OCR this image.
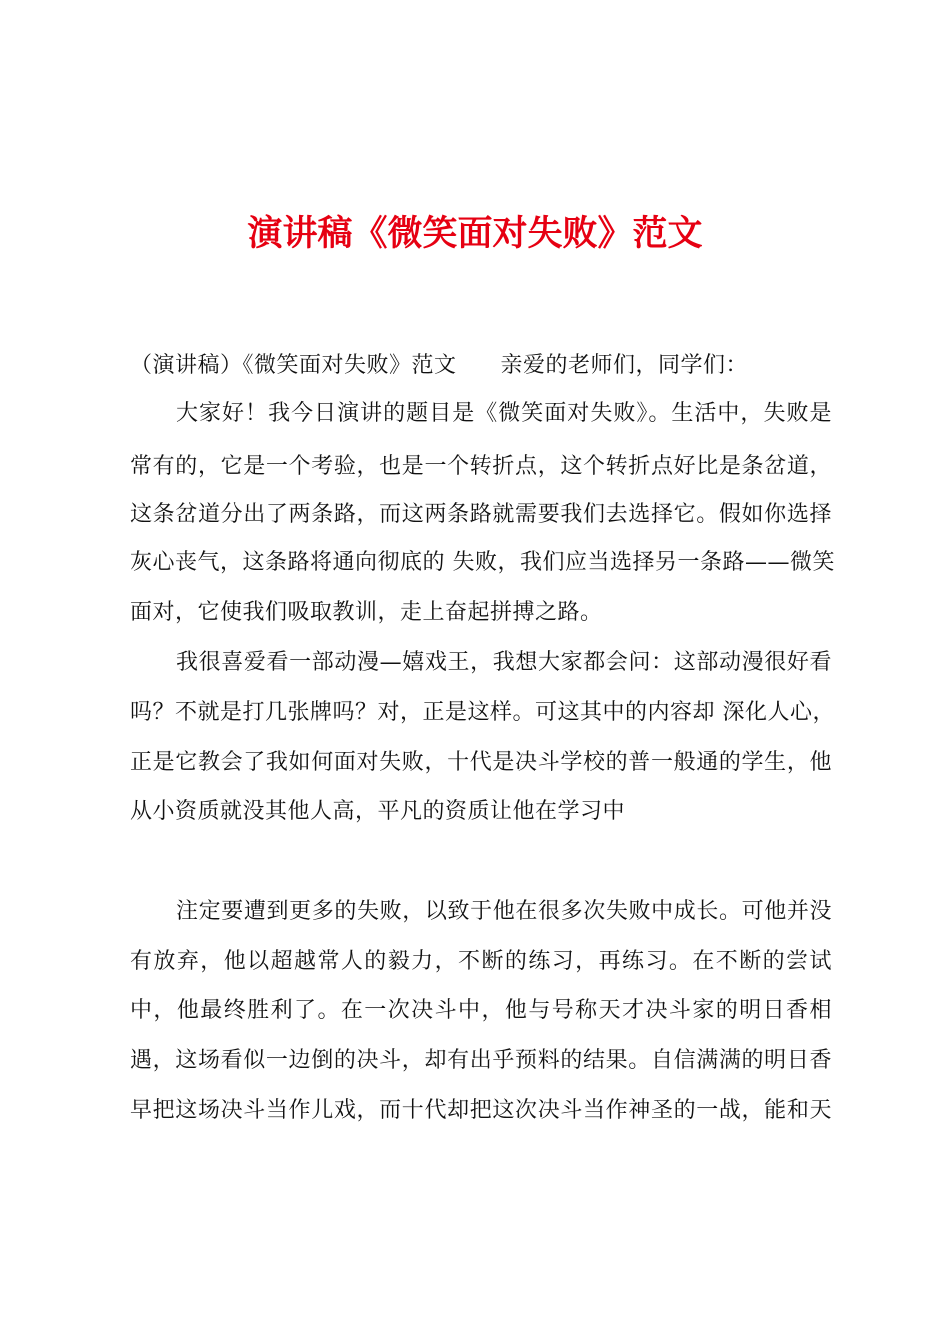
演讲稿《微笑面对失败》范文
（演讲稿）《微笑面对失败》范文 亲爱的老师们，同学们：
大家好！我今日演讲的题目是《微笑面对失败》。生活中，失败是
常有的，它是一个考验，也是一个转折点，这个转折点好比是条岔道，
这条岔道分出了两条路，而这两条路就需要我们去选择它。假如你选择
灰心丧气，这条路将通向彻底的 失败，我们应当选择另一条路——微笑
面对，它使我们吸取教训，走上奋起拼搏之路。
我很喜爱看一部动漫—嬉戏王，我想大家都会问：这部动漫很好看
吗？不就是打几张牌吗？对，正是这样。可这其中的内容却 深化人心，
正是它教会了我如何面对失败，十代是决斗学校的普一般通的学生，他
从小资质就没其他人高，平凡的资质让他在学习中
注定要遭到更多的失败，以致于他在很多次失败中成长。可他并没
有放弃，他以超越常人的毅力，不断的练习，再练习。在不断的尝试
中，他最终胜利了。在一次决斗中，他与号称天才决斗家的明日香相
遇，这场看似一边倒的决斗，却有出乎预料的结果。自信满满的明日香
早把这场决斗当作儿戏，而十代却把这次决斗当作神圣的一战，能和天
